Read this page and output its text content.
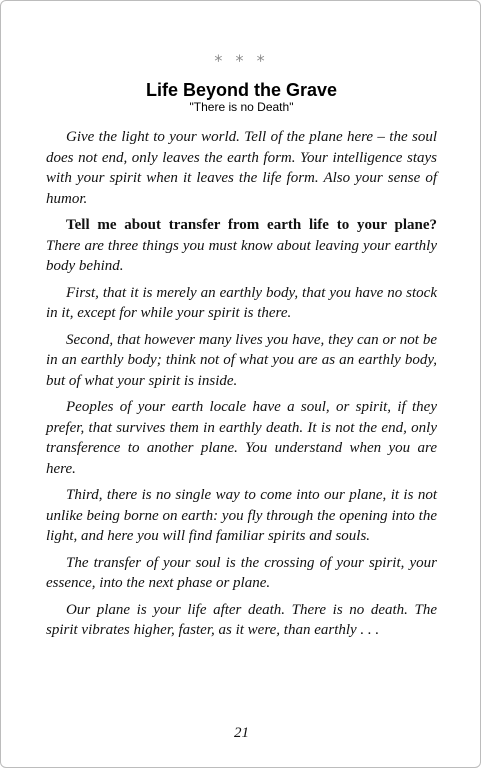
* * *
Life Beyond the Grave
"There is no Death"

Give the light to your world. Tell of the plane here – the soul does not end, only leaves the earth form. Your intelligence stays with your spirit when it leaves the life form. Also your sense of humor.

Tell me about transfer from earth life to your plane? There are three things you must know about leaving your earthly body behind.

First, that it is merely an earthly body, that you have no stock in it, except for while your spirit is there.

Second, that however many lives you have, they can or not be in an earthly body; think not of what you are as an earthly body, but of what your spirit is inside.

Peoples of your earth locale have a soul, or spirit, if they prefer, that survives them in earthly death. It is not the end, only transference to another plane. You understand when you are here.

Third, there is no single way to come into our plane, it is not unlike being borne on earth: you fly through the opening into the light, and here you will find familiar spirits and souls.

The transfer of your soul is the crossing of your spirit, your essence, into the next phase or plane.

Our plane is your life after death. There is no death. The spirit vibrates higher, faster, as it were, than earthly . . .

21
